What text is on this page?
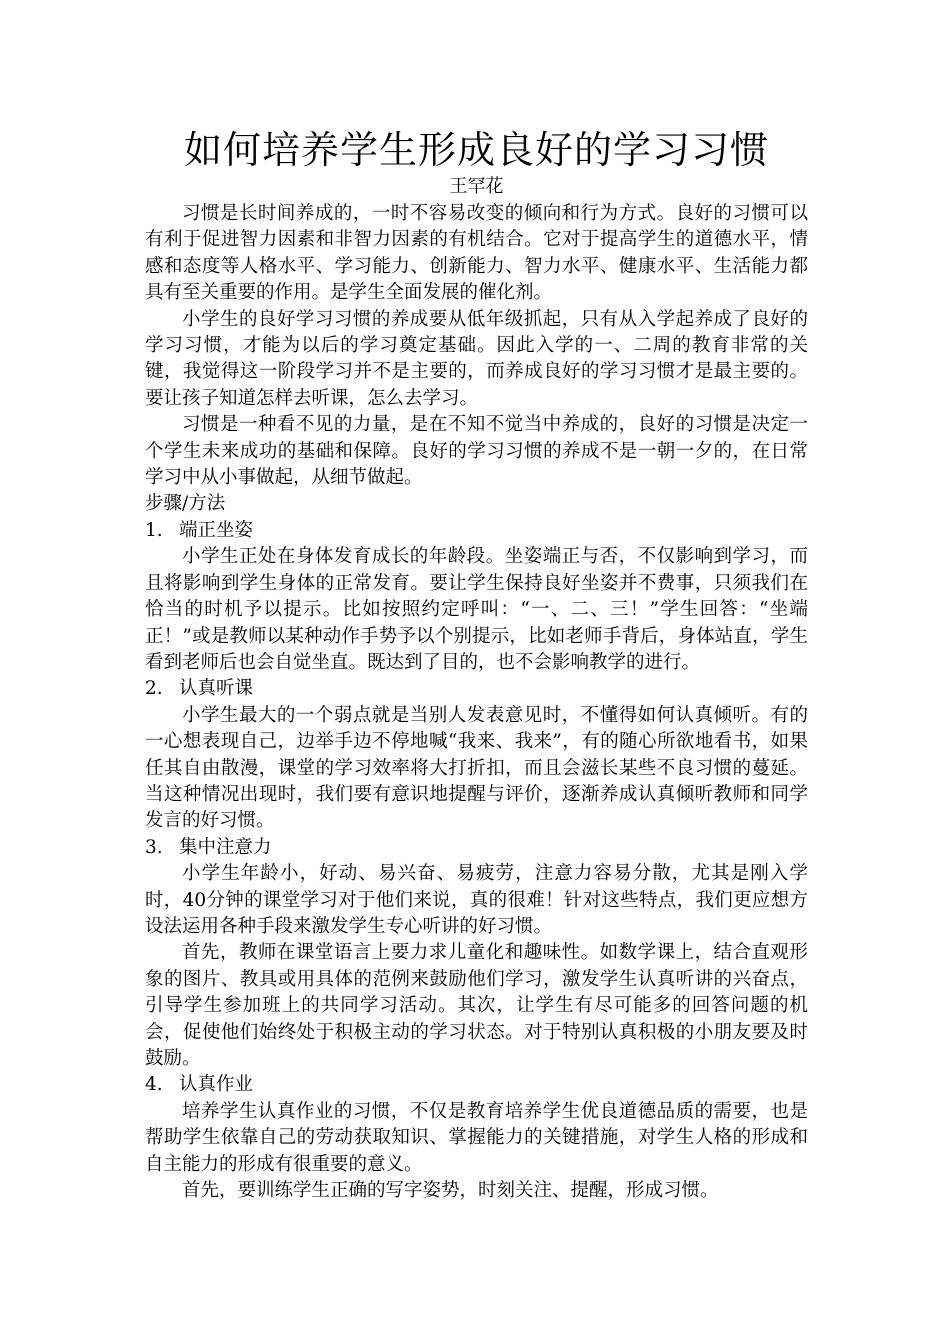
如何培养学生形成良好的学习习惯

王罕花

习惯是长时间养成的，一时不容易改变的倾向和行为方式。良好的习惯可以有利于促进智力因素和非智力因素的有机结合。它对于提高学生的道德水平，情感和态度等人格水平、学习能力、创新能力、智力水平、健康水平、生活能力都具有至关重要的作用。是学生全面发展的催化剂。

小学生的良好学习习惯的养成要从低年级抓起，只有从入学起养成了良好的学习习惯，才能为以后的学习奠定基础。因此入学的一、二周的教育非常的关键，我觉得这一阶段学习并不是主要的，而养成良好的学习习惯才是最主要的。要让孩子知道怎样去听课，怎么去学习。

习惯是一种看不见的力量，是在不知不觉当中养成的，良好的习惯是决定一个学生未来成功的基础和保障。良好的学习习惯的养成不是一朝一夕的，在日常学习中从小事做起，从细节做起。

步骤/方法

1. 端正坐姿

小学生正处在身体发育成长的年龄段。坐姿端正与否，不仅影响到学习，而且将影响到学生身体的正常发育。要让学生保持良好坐姿并不费事，只须我们在恰当的时机予以提示。比如按照约定呼叫：“一、二、三！”学生回答：“坐端正！”或是教师以某种动作手势予以个别提示，比如老师手背后，身体站直，学生看到老师后也会自觉坐直。既达到了目的，也不会影响教学的进行。

2. 认真听课

小学生最大的一个弱点就是当别人发表意见时，不懂得如何认真倾听。有的一心想表现自己，边举手边不停地喊“我来、我来”，有的随心所欲地看书，如果任其自由散漫，课堂的学习效率将大打折扣，而且会滋长某些不良习惯的蔓延。当这种情况出现时，我们要有意识地提醒与评价，逐渐养成认真倾听教师和同学发言的好习惯。

3. 集中注意力

小学生年龄小，好动、易兴奋、易疲劳，注意力容易分散，尤其是刚入学时，40分钟的课堂学习对于他们来说，真的很难！针对这些特点，我们更应想方设法运用各种手段来激发学生专心听讲的好习惯。

首先，教师在课堂语言上要力求儿童化和趣味性。如数学课上，结合直观形象的图片、教具或用具体的范例来鼓励他们学习，激发学生认真听讲的兴奋点，引导学生参加班上的共同学习活动。其次，让学生有尽可能多的回答问题的机会，促使他们始终处于积极主动的学习状态。对于特别认真积极的小朋友要及时鼓励。

4. 认真作业

培养学生认真作业的习惯，不仅是教育培养学生优良道德品质的需要，也是帮助学生依靠自己的劳动获取知识、掌握能力的关键措施，对学生人格的形成和自主能力的形成有很重要的意义。

首先，要训练学生正确的写字姿势，时刻关注、提醒，形成习惯。
